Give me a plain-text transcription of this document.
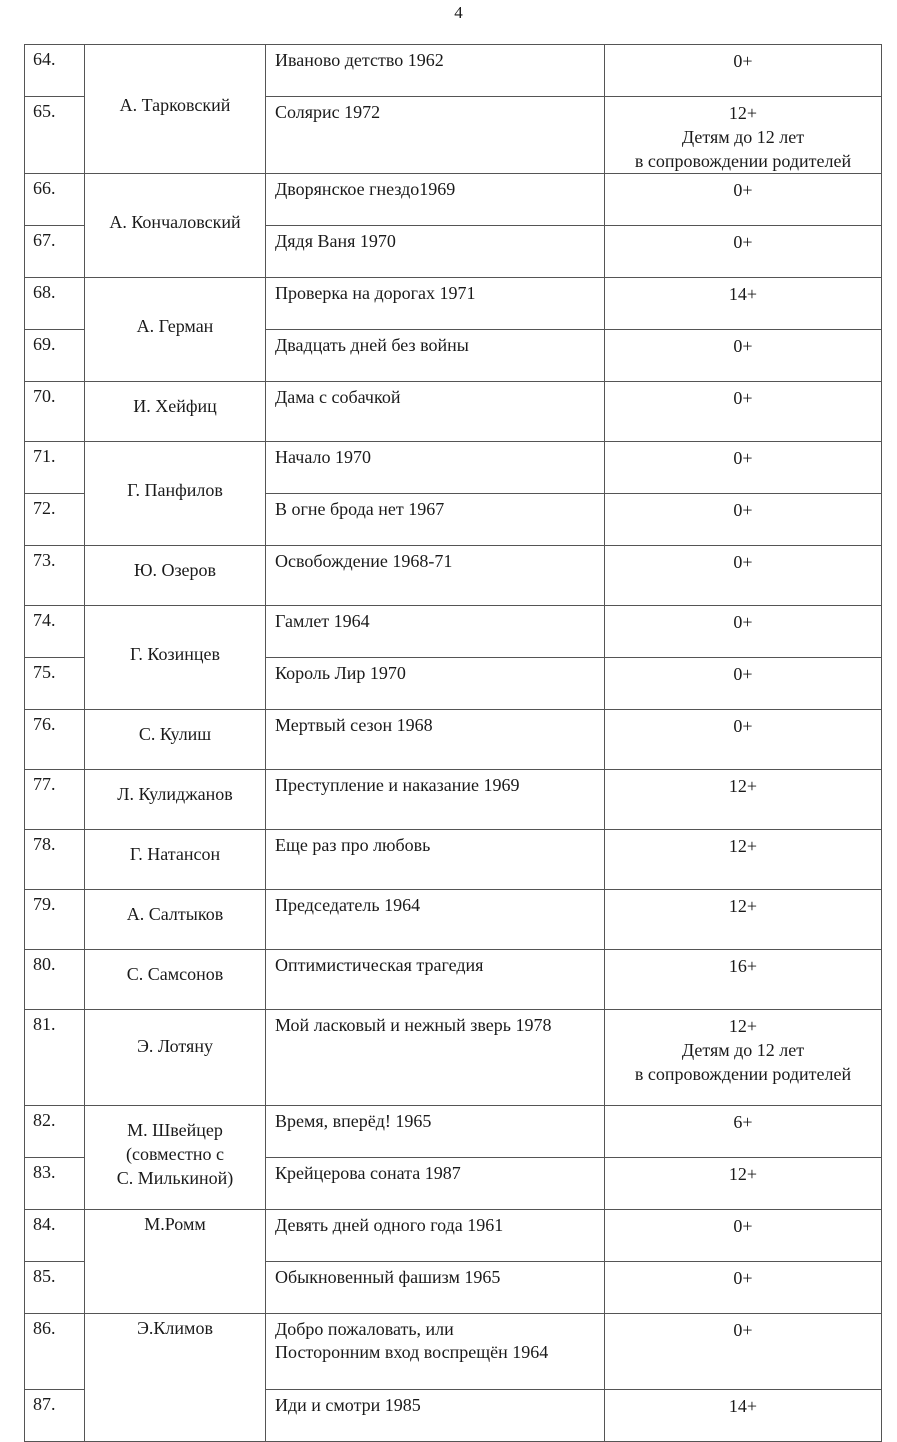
4
64.	А. Тарковский	Иваново детство 1962	0+
65.		Солярис 1972	12+
Детям до 12 лет
в сопровождении родителей

66.	А. Кончаловский	Дворянское гнездо1969	0+
67.		Дядя Ваня 1970	0+
68.	А. Герман	Проверка на дорогах 1971	14+
69.		Двадцать дней без войны	0+
70.	И. Хейфиц	Дама с собачкой	0+
71.	Г. Панфилов	Начало 1970	0+
72.		В огне брода нет 1967	0+
73.	Ю. Озеров	Освобождение 1968-71	0+
74.	Г. Козинцев	Гамлет 1964	0+
75.		Король Лир 1970	0+
76.	С. Кулиш	Мертвый сезон 1968	0+
77.	Л. Кулиджанов	Преступление и наказание 1969	12+
78.	Г. Натансон	Еще раз про любовь	12+
79.	А. Салтыков	Председатель 1964	12+
80.	С. Самсонов	Оптимистическая трагедия	16+
81.	Э. Лотяну	Мой ласковый и нежный зверь 1978	12+
Детям до 12 лет
в сопровождении родителей

82.	М. Швейцер
(совместно с
С. Милькиной)	Время, вперёд! 1965	6+
83.		Крейцерова соната 1987	12+
84.	М.Ромм	Девять дней одного года 1961	0+
85.		Обыкновенный фашизм 1965	0+
86.	Э.Климов	Добро пожаловать, или
Посторонним вход воспрещён 1964	0+
87.		Иди и смотри 1985	14+
